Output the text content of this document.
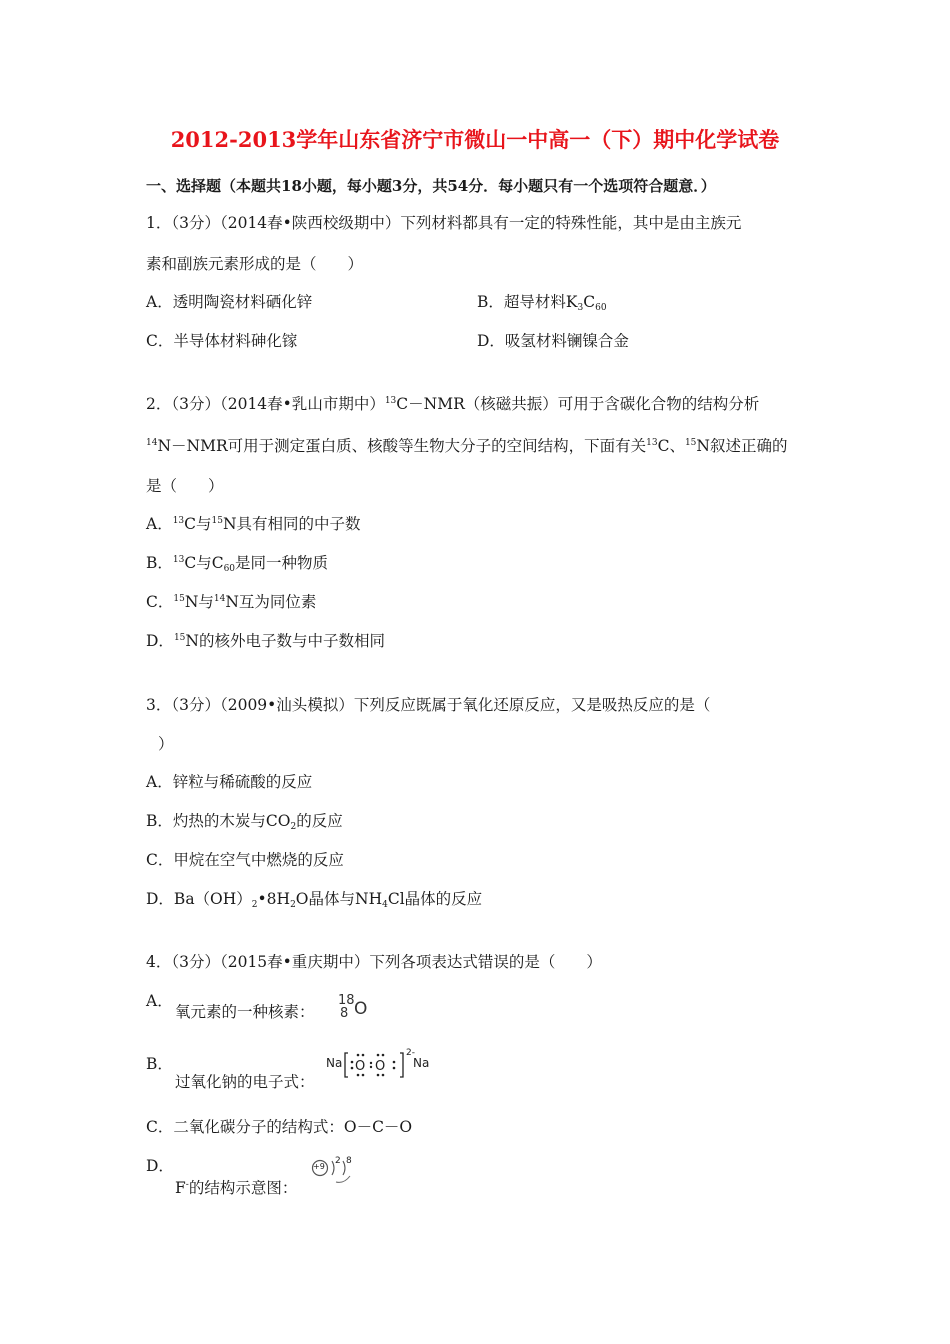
2012-2013学年山东省济宁市微山一中高一（下）期中化学试卷
一、选择题（本题共18小题，每小题3分，共54分．每小题只有一个选项符合题意．）
1．（3分）（2014春•陕西校级期中）下列材料都具有一定的特殊性能，其中是由主族元
素和副族元素形成的是（　　）
A．透明陶瓷材料硒化锌	B．超导材料$K_3C_{60}$
C．半导体材料砷化镓	D．吸氢材料镧镍合金
2．（3分）（2014春•乳山市期中）$^{13}$C－NMR（核磁共振）可用于含碳化合物的结构分析
$^{14}$N－NMR可用于测定蛋白质、核酸等生物大分子的空间结构，下面有关$^{13}$C、$^{15}$N叙述正确的
是（　　）
A．$^{13}$C与$^{15}$N具有相同的中子数
B．$^{13}$C与$C_{60}$是同一种物质
C．$^{15}$N与$^{14}$N互为同位素
D．$^{15}$N的核外电子数与中子数相同
3．（3分）（2009•汕头模拟）下列反应既属于氧化还原反应，又是吸热反应的是（
）
A．锌粒与稀硫酸的反应
B．灼热的木炭与$CO_2$的反应
C．甲烷在空气中燃烧的反应
D．$Ba(OH)_2•8H_2O$晶体与$NH_4Cl$晶体的反应
4．（3分）（2015春•重庆期中）下列各项表达式错误的是（　　）
A．
氧元素的一种核素：
18
8 O
B．
过氧化钠的电子式：
Na O O
2-
Na
C．二氧化碳分子的结构式：O－C－O
D．
F-的结构示意图：
+9
2 8
